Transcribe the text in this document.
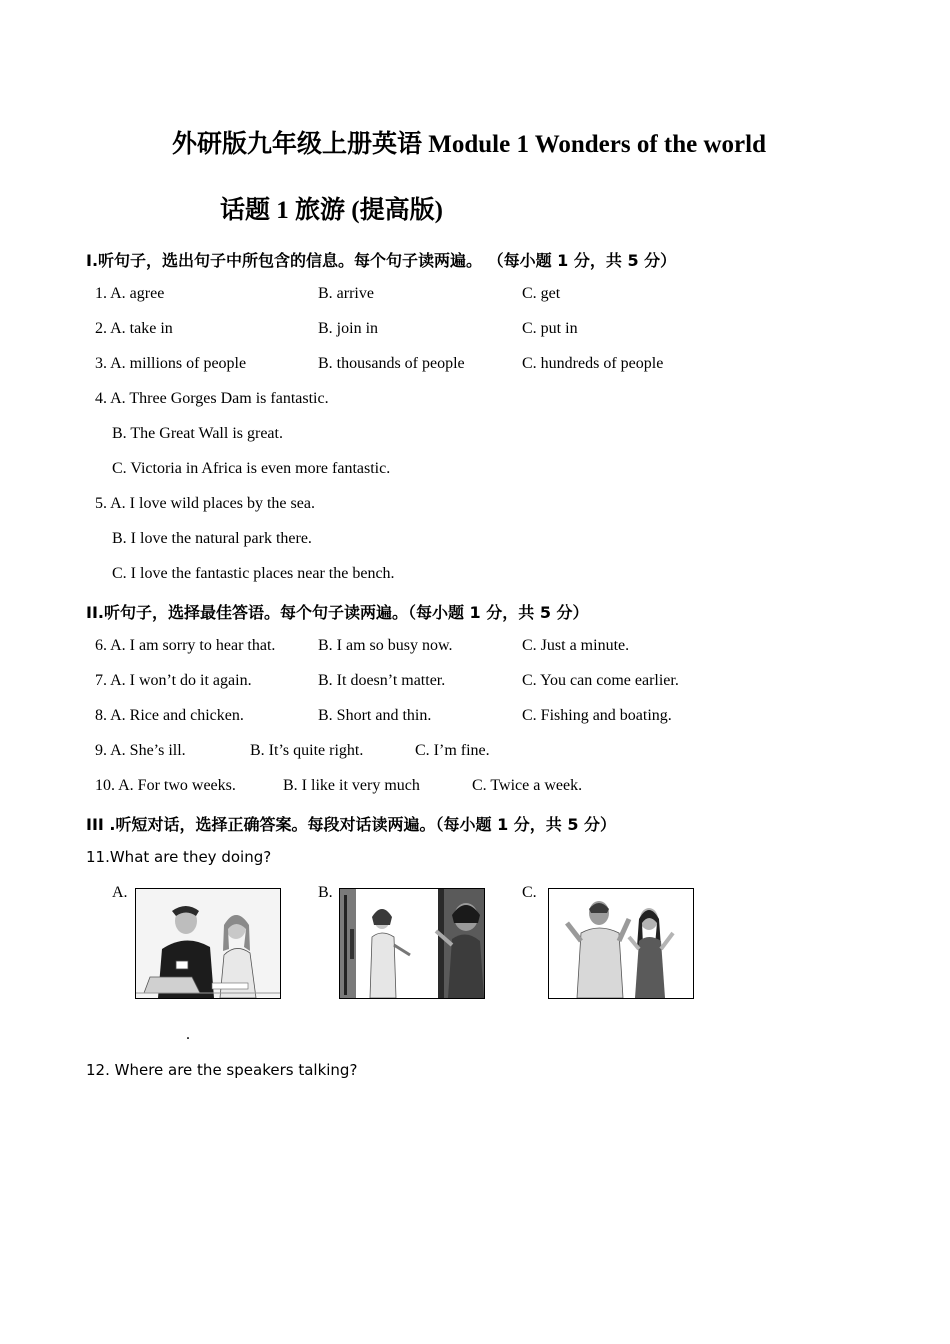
外研版九年级上册英语 Module 1 Wonders of the world
话题 1 旅游 (提高版)
I.听句子，选出句子中所包含的信息。每个句子读两遍。 （每小题 1 分，共 5 分）
1. A. agree	B. arrive	C. get
2. A. take in	B. join in	C. put in
3. A. millions of people	B. thousands of people	C. hundreds of people
4. A. Three Gorges Dam is fantastic.
B. The Great Wall is great.
C. Victoria in Africa is even more fantastic.
5. A. I love wild places by the sea.
B. I love the natural park there.
C. I love the fantastic places near the bench.
II.听句子，选择最佳答语。每个句子读两遍。（每小题 1 分，共 5 分）
6. A. I am sorry to hear that.	B. I am so busy now.	C. Just a minute.
7. A. I won’t do it again.	B. It doesn’t matter.	C. You can come earlier.
8. A. Rice and chicken.	B. Short and thin.	C. Fishing and boating.
9. A. She’s ill.	B. It’s quite right.	C. I’m fine.
10. A. For two weeks.	B. I like it very much	C. Twice a week.
III .听短对话，选择正确答案。每段对话读两遍。（每小题 1 分，共 5 分）
11.What are they doing?
A.	B.	C.
.
12. Where are the speakers talking?
